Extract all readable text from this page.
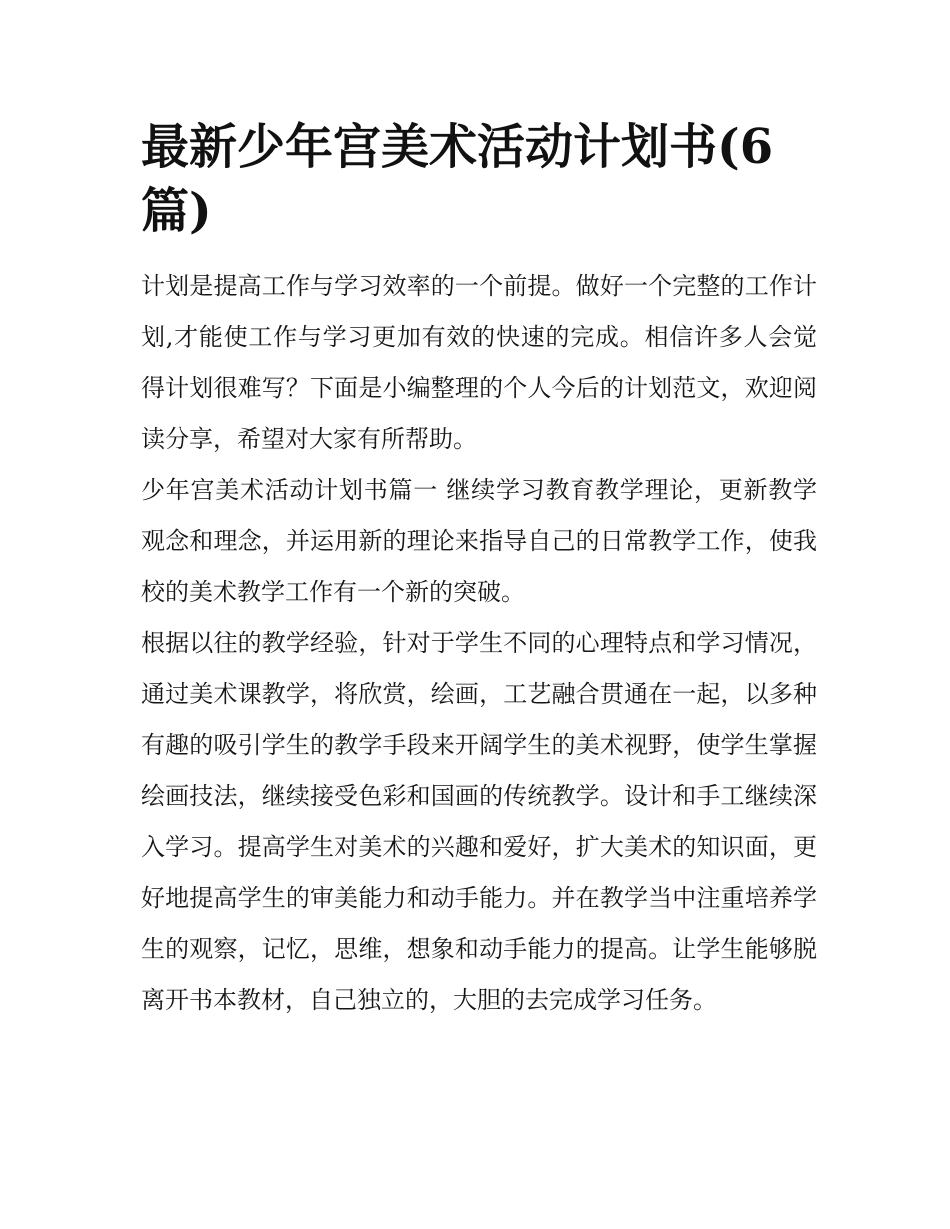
最新少年宫美术活动计划书(6篇)

计划是提高工作与学习效率的一个前提。做好一个完整的工作计划,才能使工作与学习更加有效的快速的完成。相信许多人会觉得计划很难写？下面是小编整理的个人今后的计划范文，欢迎阅读分享，希望对大家有所帮助。

少年宫美术活动计划书篇一 继续学习教育教学理论，更新教学观念和理念，并运用新的理论来指导自己的日常教学工作，使我校的美术教学工作有一个新的突破。

根据以往的教学经验，针对于学生不同的心理特点和学习情况，通过美术课教学，将欣赏，绘画，工艺融合贯通在一起，以多种有趣的吸引学生的教学手段来开阔学生的美术视野，使学生掌握绘画技法，继续接受色彩和国画的传统教学。设计和手工继续深入学习。提高学生对美术的兴趣和爱好，扩大美术的知识面，更好地提高学生的审美能力和动手能力。并在教学当中注重培养学生的观察，记忆，思维，想象和动手能力的提高。让学生能够脱离开书本教材，自己独立的，大胆的去完成学习任务。
